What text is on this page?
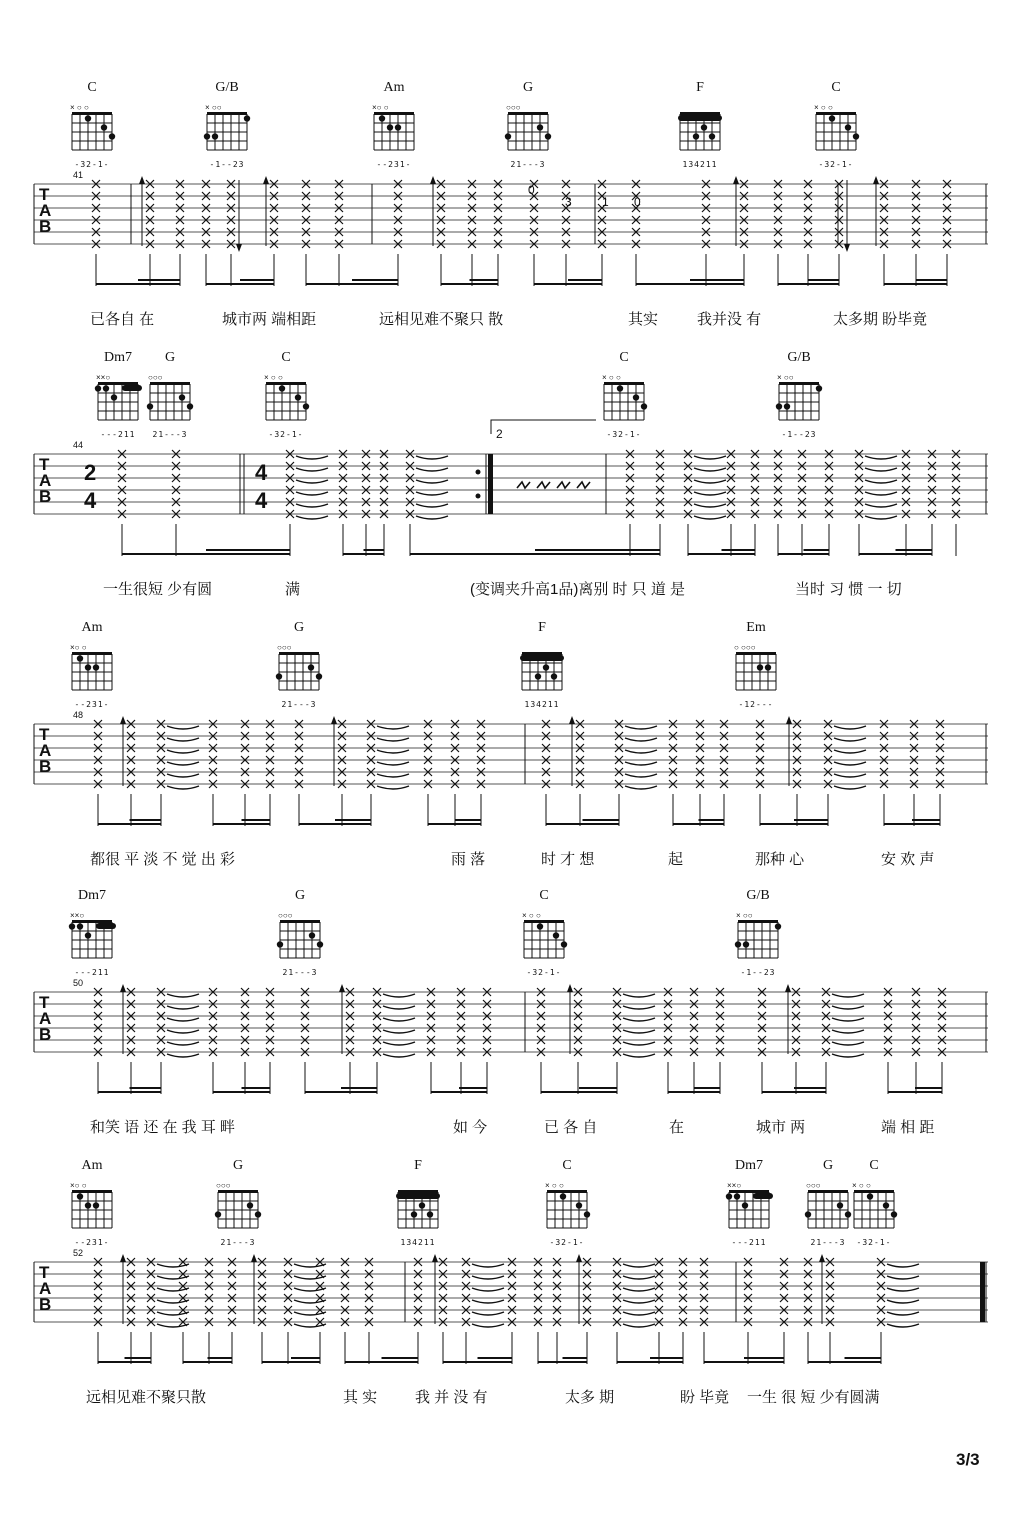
C
× ○ ○
-32-1-
G/B
× ○○
-1--23
Am
×○ ○
--231-
G
○○○
21---3
F
134211
C
× ○ ○
-32-1-
T
A
B
41
0
3	1 0
已各自 在	城市两 端相距	远相见难不聚只 散	其实	我并没 有	太多期 盼毕竟
Dm7
××○
---211
G
○○○
21---3
C
× ○ ○
-32-1-
C
× ○ ○
-32-1-
G/B
× ○○
-1--23
T
A
B
44
2
4
4
4
2
一生很短 少有圆	满	(变调夹升高1品)离别 时 只 道 是	当时 习 惯 一 切
Am
×○ ○
--231-
G
○○○
21---3
F
134211
Em
○ ○○○
-12---
T
A
B
48
都很 平 淡 不 觉 出 彩	雨 落	时 才 想	起	那种 心	安 欢 声
Dm7
××○
---211
G
○○○
21---3
C
× ○ ○
-32-1-
G/B
× ○○
-1--23
T
A
B
50
和笑 语 还 在 我 耳 畔	如 今	已 各 自	在	城市 两	端 相 距
Am
×○ ○
--231-
G
○○○
21---3
F
134211
C
× ○ ○
-32-1-
Dm7
××○
---211
G
○○○
21---3
C
× ○ ○
-32-1-
T
A
B
52
远相见难不聚只散	其 实	我 并 没 有	太多 期	盼 毕竟 一生 很 短 少有圆满
3/3
